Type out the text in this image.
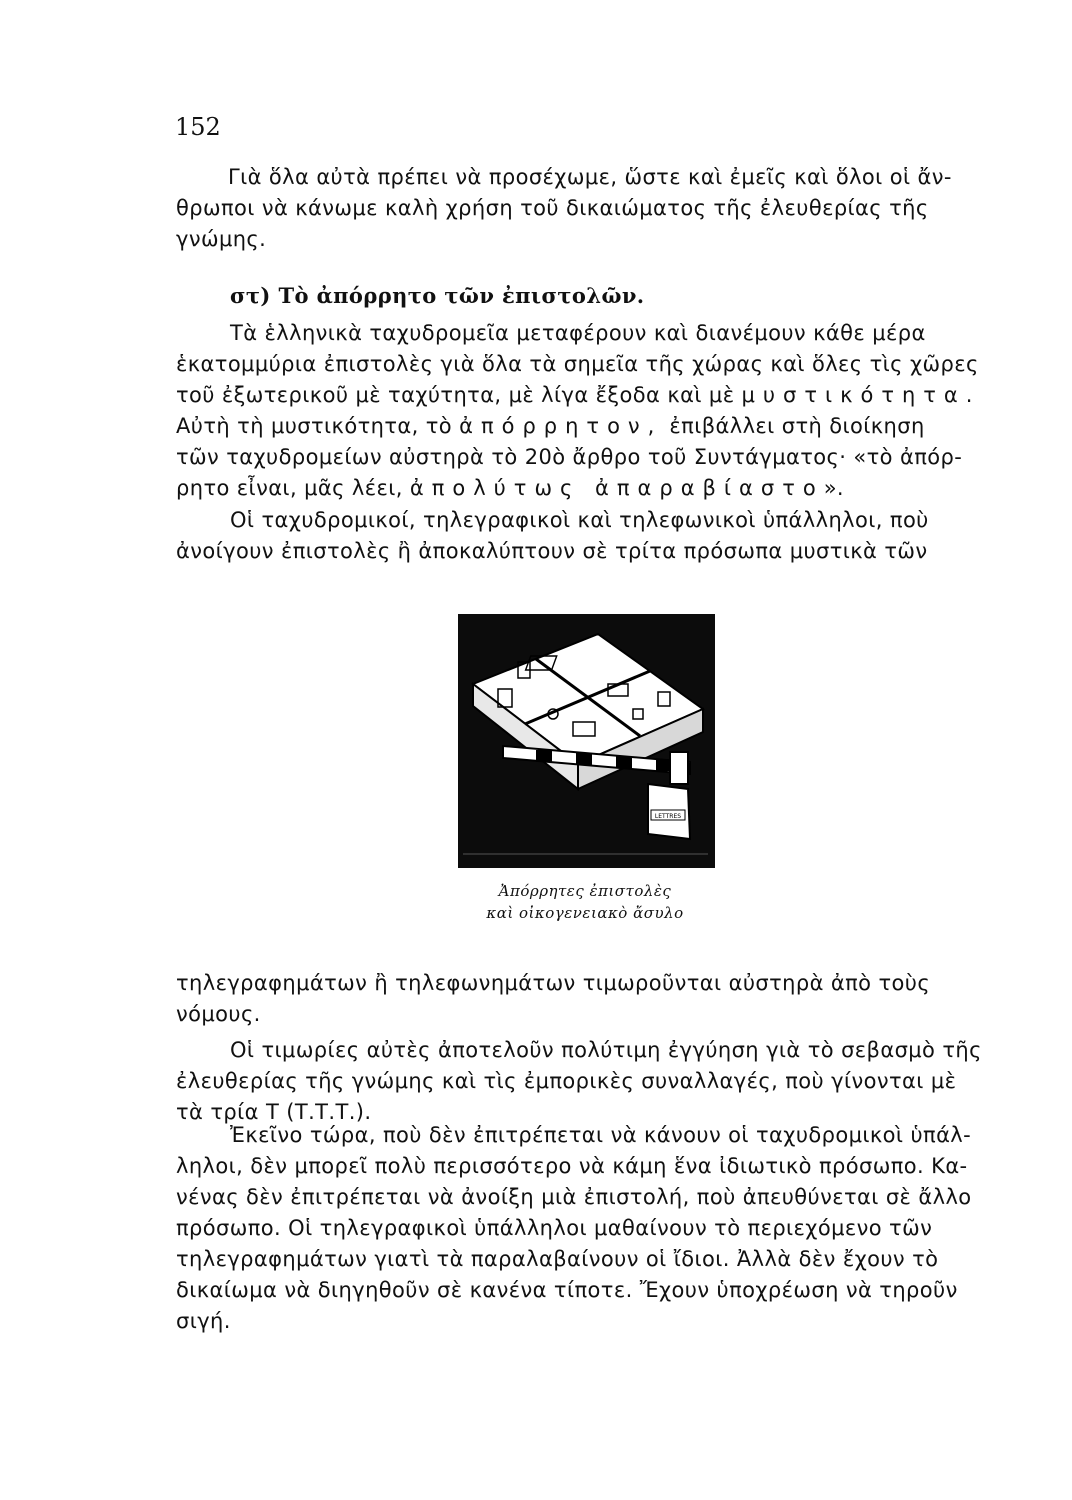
152
Γιὰ ὅλα αὐτὰ πρέπει νὰ προσέχωμε, ὥστε καὶ ἐμεῖς καὶ ὅλοι οἱ ἄν-
θρωποι νὰ κάνωμε καλὴ χρήση τοῦ δικαιώματος τῆς ἐλευθερίας τῆς
γνώμης.
στ) Τὸ ἀπόρρητο τῶν ἐπιστολῶν.
Τὰ ἑλληνικὰ ταχυδρομεῖα μεταφέρουν καὶ διανέμουν κάθε μέρα
ἑκατομμύρια ἐπιστολὲς γιὰ ὅλα τὰ σημεῖα τῆς χώρας καὶ ὅλες τὶς χῶρες
τοῦ ἐξωτερικοῦ μὲ ταχύτητα, μὲ λίγα ἔξοδα καὶ μὲ μυστικότητα.
Αὐτὴ τὴ μυστικότητα, τὸ ἀπόρρητον, ἐπιβάλλει στὴ διοίκηση
τῶν ταχυδρομείων αὐστηρὰ τὸ 20ὸ ἄρθρο τοῦ Συντάγματος· «τὸ ἀπόρ-
ρητο εἶναι, μᾶς λέει, ἀπολύτως ἀπαραβίαστο».
Οἱ ταχυδρομικοί, τηλεγραφικοὶ καὶ τηλεφωνικοὶ ὑπάλληλοι, ποὺ
ἀνοίγουν ἐπιστολὲς ἢ ἀποκαλύπτουν σὲ τρίτα πρόσωπα μυστικὰ τῶν
LETTRES
Ἀπόρρητες ἐπιστολὲς
καὶ οἰκογενειακὸ ἄσυλο
τηλεγραφημάτων ἢ τηλεφωνημάτων τιμωροῦνται αὐστηρὰ ἀπὸ τοὺς
νόμους.
Οἱ τιμωρίες αὐτὲς ἀποτελοῦν πολύτιμη ἐγγύηση γιὰ τὸ σεβασμὸ τῆς
ἐλευθερίας τῆς γνώμης καὶ τὶς ἐμπορικὲς συναλλαγές, ποὺ γίνονται μὲ
τὰ τρία Τ (Τ.Τ.Τ.).
Ἐκεῖνο τώρα, ποὺ δὲν ἐπιτρέπεται νὰ κάνουν οἱ ταχυδρομικοὶ ὑπάλ-
ληλοι, δὲν μπορεῖ πολὺ περισσότερο νὰ κάμη ἕνα ἰδιωτικὸ πρόσωπο. Κα-
νένας δὲν ἐπιτρέπεται νὰ ἀνοίξη μιὰ ἐπιστολή, ποὺ ἀπευθύνεται σὲ ἄλλο
πρόσωπο. Οἱ τηλεγραφικοὶ ὑπάλληλοι μαθαίνουν τὸ περιεχόμενο τῶν
τηλεγραφημάτων γιατὶ τὰ παραλαβαίνουν οἱ ἴδιοι. Ἀλλὰ δὲν ἔχουν τὸ
δικαίωμα νὰ διηγηθοῦν σὲ κανένα τίποτε. Ἔχουν ὑποχρέωση νὰ τηροῦν
σιγή.
